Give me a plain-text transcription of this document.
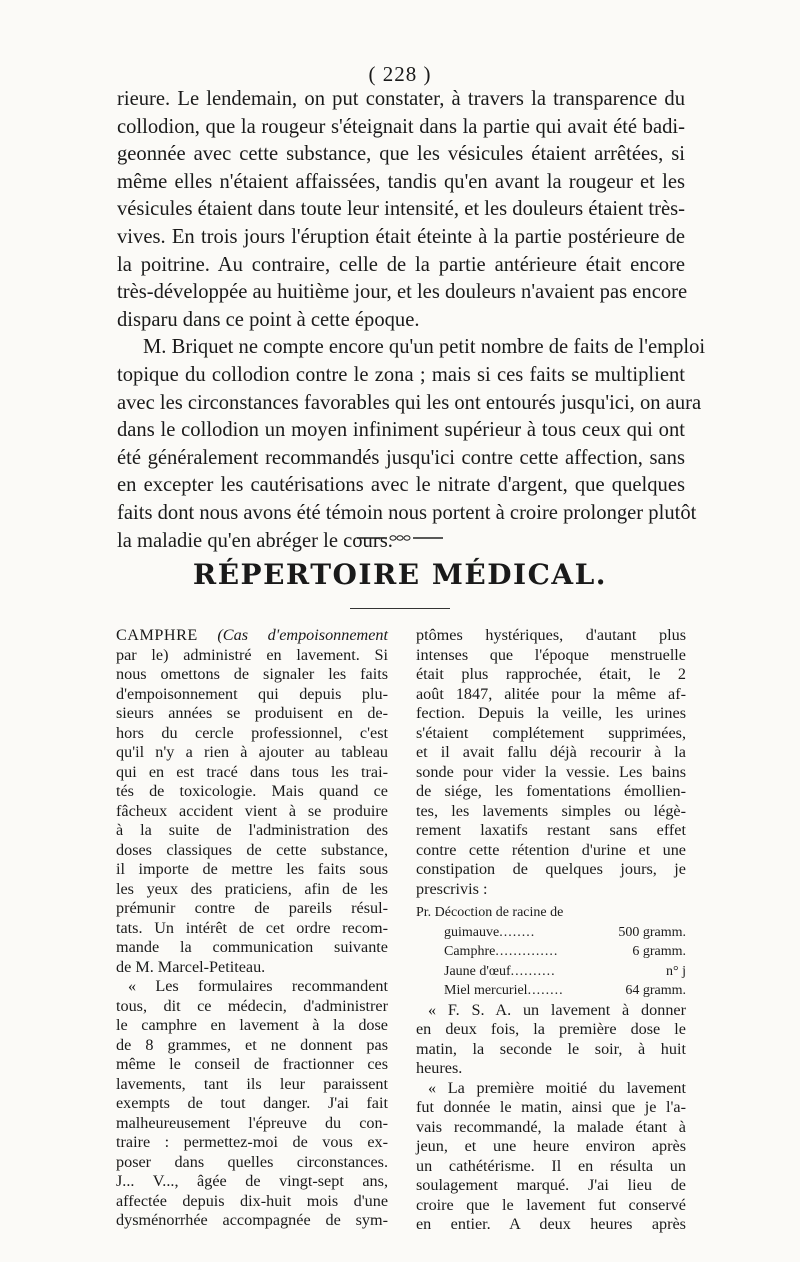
( 228 )
rieure. Le lendemain, on put constater, à travers la transparence du
collodion, que la rougeur s'éteignait dans la partie qui avait été badi-
geonnée avec cette substance, que les vésicules étaient arrêtées, si
même elles n'étaient affaissées, tandis qu'en avant la rougeur et les
vésicules étaient dans toute leur intensité, et les douleurs étaient très-
vives. En trois jours l'éruption était éteinte à la partie postérieure de
la poitrine. Au contraire, celle de la partie antérieure était encore
très-développée au huitième jour, et les douleurs n'avaient pas encore
disparu dans ce point à cette époque.
M. Briquet ne compte encore qu'un petit nombre de faits de l'emploi
topique du collodion contre le zona ; mais si ces faits se multiplient
avec les circonstances favorables qui les ont entourés jusqu'ici, on aura
dans le collodion un moyen infiniment supérieur à tous ceux qui ont
été généralement recommandés jusqu'ici contre cette affection, sans
en excepter les cautérisations avec le nitrate d'argent, que quelques
faits dont nous avons été témoin nous portent à croire prolonger plutôt
la maladie qu'en abréger le cours.
RÉPERTOIRE MÉDICAL.
CAMPHRE (Cas d'empoisonnement
par le) administré en lavement. Si
nous omettons de signaler les faits
d'empoisonnement qui depuis plu-
sieurs années se produisent en de-
hors du cercle professionnel, c'est
qu'il n'y a rien à ajouter au tableau
qui en est tracé dans tous les trai-
tés de toxicologie. Mais quand ce
fâcheux accident vient à se produire
à la suite de l'administration des
doses classiques de cette substance,
il importe de mettre les faits sous
les yeux des praticiens, afin de les
prémunir contre de pareils résul-
tats. Un intérêt de cet ordre recom-
mande la communication suivante
de M. Marcel-Petiteau.
« Les formulaires recommandent
tous, dit ce médecin, d'administrer
le camphre en lavement à la dose
de 8 grammes, et ne donnent pas
même le conseil de fractionner ces
lavements, tant ils leur paraissent
exempts de tout danger. J'ai fait
malheureusement l'épreuve du con-
traire : permettez-moi de vous ex-
poser dans quelles circonstances.
J... V..., âgée de vingt-sept ans,
affectée depuis dix-huit mois d'une
dysménorrhée accompagnée de sym-
ptômes hystériques, d'autant plus
intenses que l'époque menstruelle
était plus rapprochée, était, le 2
août 1847, alitée pour la même af-
fection. Depuis la veille, les urines
s'étaient complétement supprimées,
et il avait fallu déjà recourir à la
sonde pour vider la vessie. Les bains
de siége, les fomentations émollien-
tes, les lavements simples ou légè-
rement laxatifs restant sans effet
contre cette rétention d'urine et une
constipation de quelques jours, je
prescrivis :
Pr. Décoction de racine de
guimauve ........	500 gramm.
Camphre ..............	6 gramm.
Jaune d'œuf ..........	n° j
Miel mercuriel ........	64 gramm.
« F. S. A. un lavement à donner
en deux fois, la première dose le
matin, la seconde le soir, à huit
heures.
« La première moitié du lavement
fut donnée le matin, ainsi que je l'a-
vais recommandé, la malade étant à
jeun, et une heure environ après
un cathétérisme. Il en résulta un
soulagement marqué. J'ai lieu de
croire que le lavement fut conservé
en entier. A deux heures après
